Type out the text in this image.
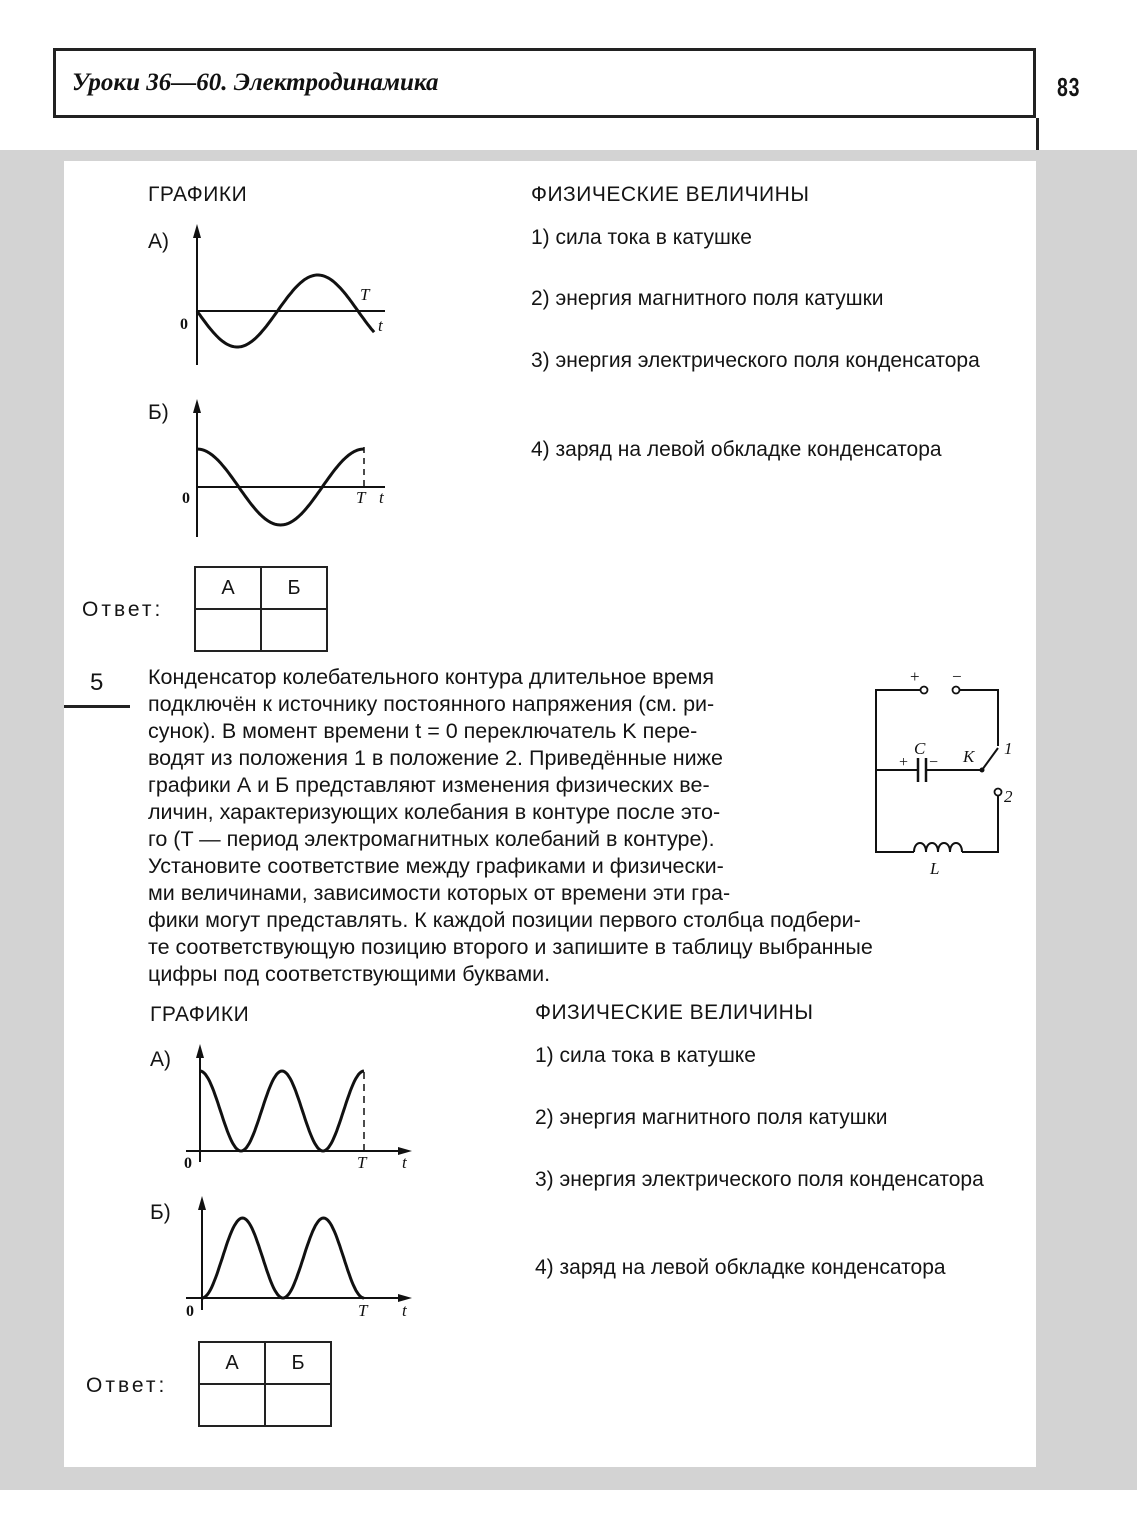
Уроки 36—60. Электродинамика	83
ГРАФИКИ	ФИЗИЧЕСКИЕ ВЕЛИЧИНЫ
А)
Б)
0
T
t
0	T t
1) сила тока в катушке
2) энергия магнитного поля катушки
3) энергия электрического поля конденсатора
4) заряд на левой обкладке конденсатора
Ответ:
А	Б

5 Конденсатор колебательного контура длительное время
подключён к источнику постоянного напряжения (см. ри-
сунок). В момент времени t = 0 переключатель K пере-
водят из положения 1 в положение 2. Приведённые ниже
графики А и Б представляют изменения физических ве-
личин, характеризующих колебания в контуре после это-
го (T — период электромагнитных колебаний в контуре).
Установите соответствие между графиками и физически-
ми величинами, зависимости которых от времени эти гра-
фики могут представлять. К каждой позиции первого столбца подбери-
те соответствующую позицию второго и запишите в таблицу выбранные
цифры под соответствующими буквами.
+ −
C
+ − K 1
2
L
ГРАФИКИ	ФИЗИЧЕСКИЕ ВЕЛИЧИНЫ
А)
Б)
0	T t
0	T t
1) сила тока в катушке
2) энергия магнитного поля катушки
3) энергия электрического поля конденсатора
4) заряд на левой обкладке конденсатора
Ответ:
А	Б
